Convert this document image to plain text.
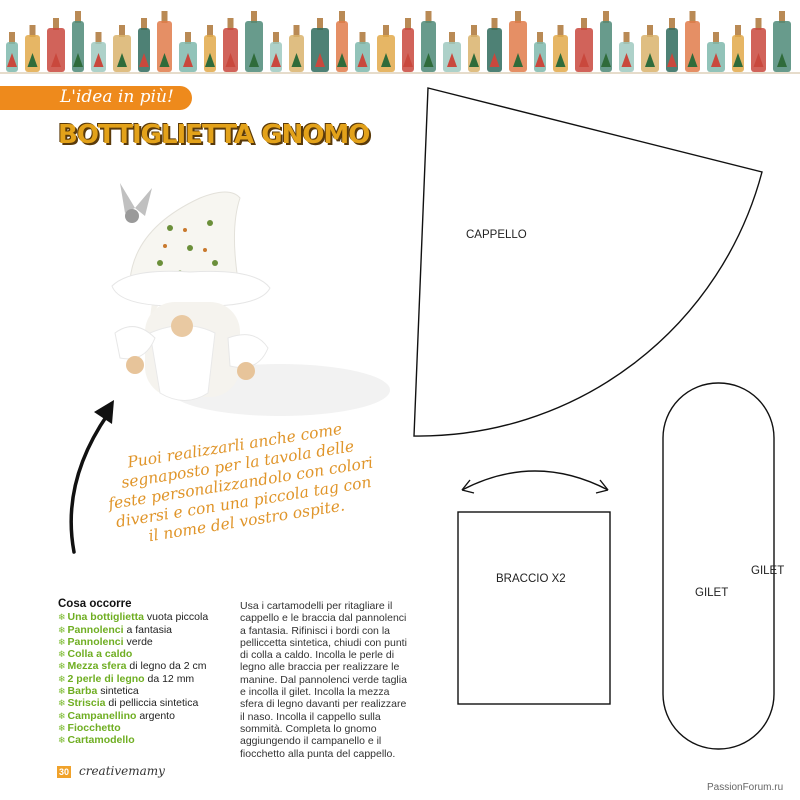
L'idea in più!
BOTTIGLIETTA GNOMO
Puoi realizzarli anche come segnaposto per la tavola delle feste personalizzandolo con colori diversi e con una piccola tag con il nome del vostro ospite.
Cosa occorre
❄ Una bottiglietta vuota piccola
❄ Pannolenci a fantasia
❄ Pannolenci verde
❄ Colla a caldo
❄ Mezza sfera di legno da 2 cm
❄ 2 perle di legno da 12 mm
❄ Barba sintetica
❄ Striscia di pelliccia sintetica
❄ Campanellino argento
❄ Fiocchetto
❄ Cartamodello
Usa i cartamodelli per ritagliare il cappello e le braccia dal pannolenci a fantasia. Rifinisci i bordi con la pelliccetta sintetica, chiudi con punti di colla a caldo. Incolla le perle di legno alle braccia per realizzare le manine. Dal pannolenci verde taglia e incolla il gilet. Incolla la mezza sfera di legno davanti per realizzare il naso. Incolla il cappello sulla sommità. Completa lo gnomo aggiungendo il campanello e il fiocchetto alla punta del cappello.
30 creativemamy
PassionForum.ru
CAPPELLO
BRACCIO X2
GILET
GILET
